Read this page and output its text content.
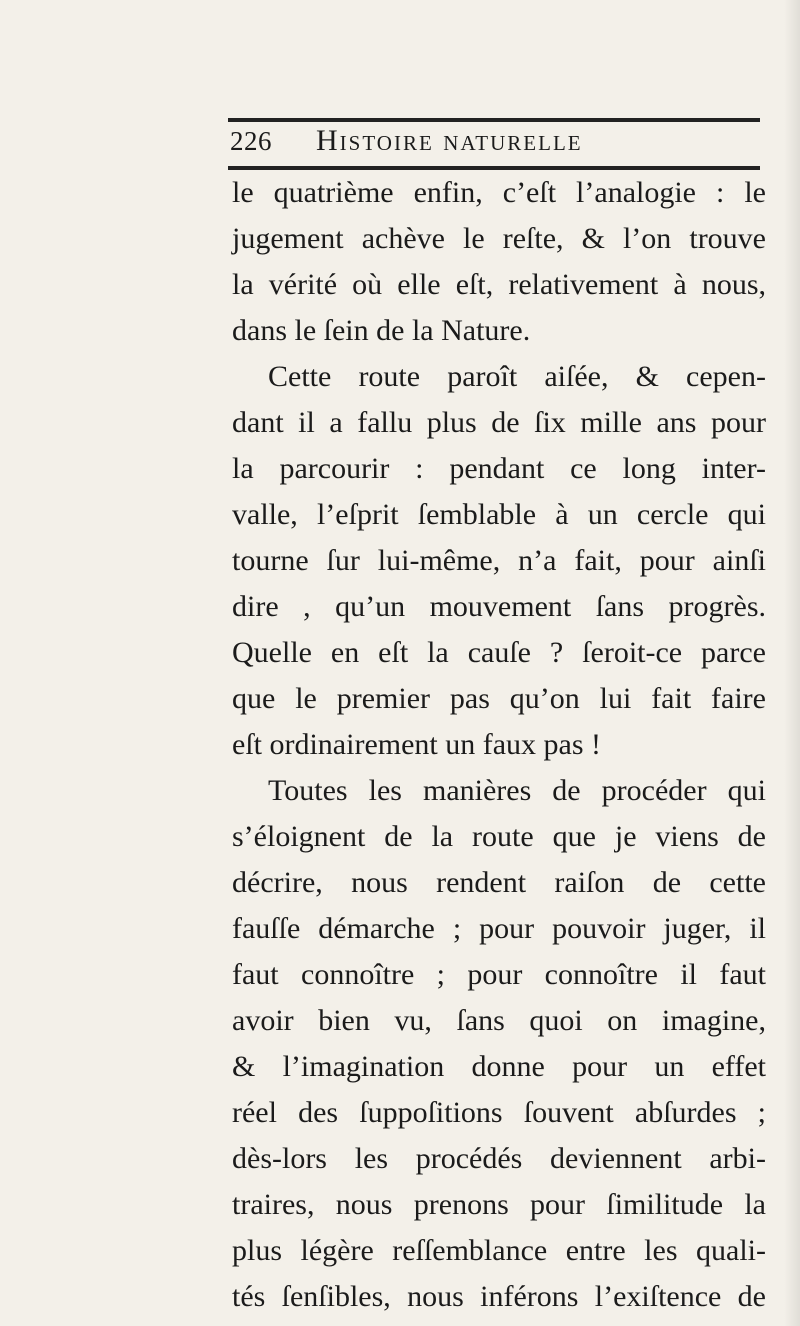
226 Histoire naturelle
le quatrième enfin, c’eſt l’analogie : le
jugement achève le reſte, & l’on trouve
la vérité où elle eſt, relativement à nous,
dans le ſein de la Nature.
Cette route paroît aiſée, & cepen-
dant il a fallu plus de ſix mille ans pour
la parcourir : pendant ce long inter-
valle, l’eſprit ſemblable à un cercle qui
tourne ſur lui-même, n’a fait, pour ainſi
dire , qu’un mouvement ſans progrès.
Quelle en eſt la cauſe ? ſeroit-ce parce
que le premier pas qu’on lui fait faire
eſt ordinairement un faux pas !
Toutes les manières de procéder qui
s’éloignent de la route que je viens de
décrire, nous rendent raiſon de cette
fauſſe démarche ; pour pouvoir juger, il
faut connoître ; pour connoître il faut
avoir bien vu, ſans quoi on imagine,
& l’imagination donne pour un effet
réel des ſuppoſitions ſouvent abſurdes ;
dès-lors les procédés deviennent arbi-
traires, nous prenons pour ſimilitude la
plus légère reſſemblance entre les quali-
tés ſenſibles, nous inférons l’exiſtence de
